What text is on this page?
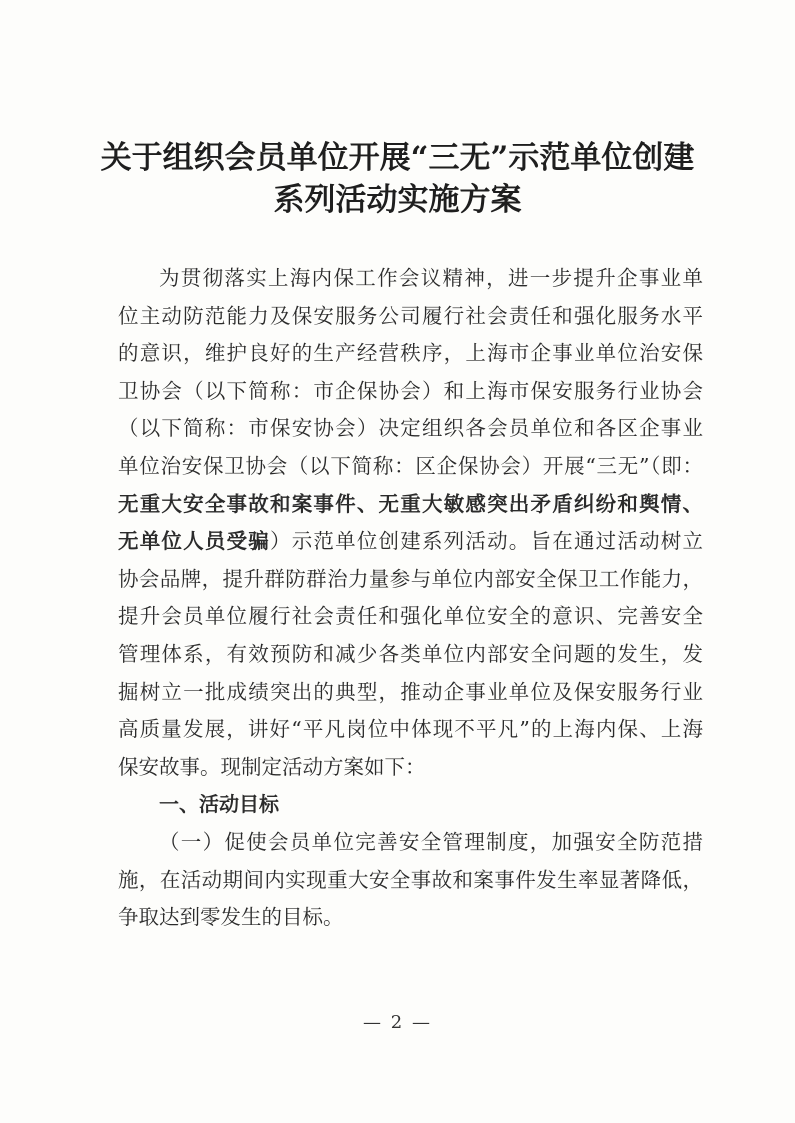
关于组织会员单位开展“三无”示范单位创建
系列活动实施方案
为贯彻落实上海内保工作会议精神，进一步提升企事业单
位主动防范能力及保安服务公司履行社会责任和强化服务水平
的意识，维护良好的生产经营秩序，上海市企事业单位治安保
卫协会（以下简称：市企保协会）和上海市保安服务行业协会
（以下简称：市保安协会）决定组织各会员单位和各区企事业
单位治安保卫协会（以下简称：区企保协会）开展“三无”（即：
无重大安全事故和案事件、无重大敏感突出矛盾纠纷和舆情、
无单位人员受骗）示范单位创建系列活动。旨在通过活动树立
协会品牌，提升群防群治力量参与单位内部安全保卫工作能力，
提升会员单位履行社会责任和强化单位安全的意识、完善安全
管理体系，有效预防和减少各类单位内部安全问题的发生，发
掘树立一批成绩突出的典型，推动企事业单位及保安服务行业
高质量发展，讲好“平凡岗位中体现不平凡”的上海内保、上海
保安故事。现制定活动方案如下：
一、活动目标
（一）促使会员单位完善安全管理制度，加强安全防范措
施，在活动期间内实现重大安全事故和案事件发生率显著降低，
争取达到零发生的目标。
— 2 —
